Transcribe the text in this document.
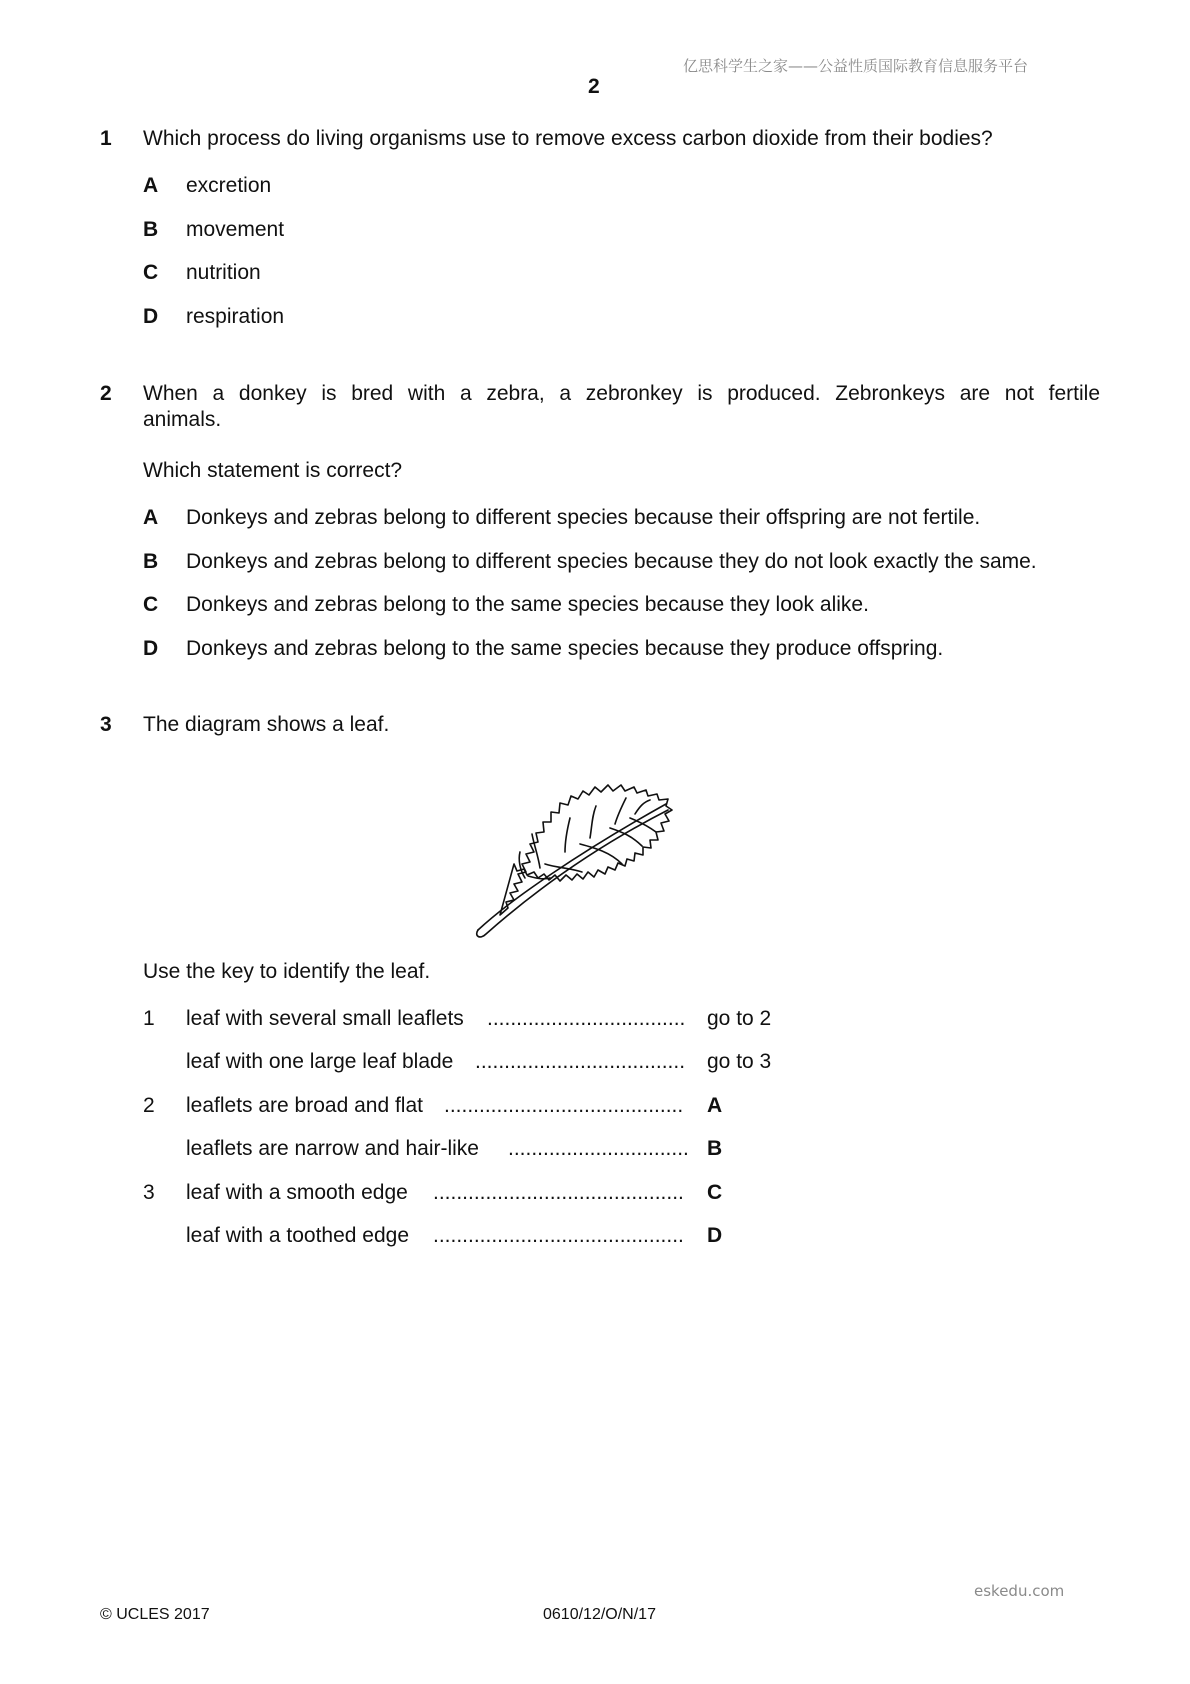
亿思科学生之家——公益性质国际教育信息服务平台
2
1 Which process do living organisms use to remove excess carbon dioxide from their bodies?
A excretion
B movement
C nutrition
D respiration
2 When a donkey is bred with a zebra, a zebronkey is produced. Zebronkeys are not fertile
animals.
Which statement is correct?
A Donkeys and zebras belong to different species because their offspring are not fertile.
B Donkeys and zebras belong to different species because they do not look exactly the same.
C Donkeys and zebras belong to the same species because they look alike.
D Donkeys and zebras belong to the same species because they produce offspring.
3 The diagram shows a leaf.
Use the key to identify the leaf.
1 leaf with several small leaflets ..................................	go to 2
leaf with one large leaf blade ....................................	go to 3
2 leaflets are broad and flat .........................................	A
leaflets are narrow and hair-like ............................... B
3 leaf with a smooth edge ...........................................	C
leaf with a toothed edge ...........................................	D
eskedu.com
© UCLES 2017	0610/12/O/N/17
